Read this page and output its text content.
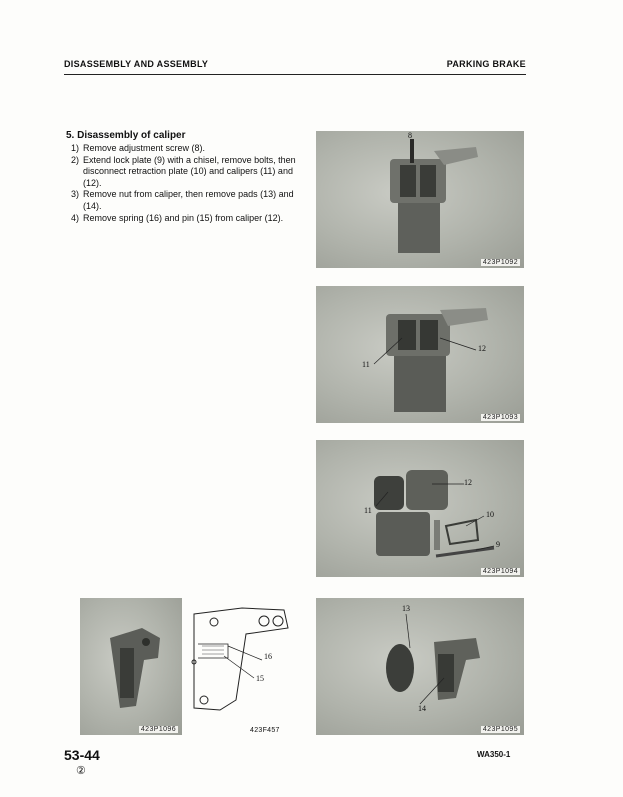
DISASSEMBLY AND ASSEMBLY	PARKING BRAKE
5. Disassembly of caliper
1) Remove adjustment screw (8).
2) Extend lock plate (9) with a chisel, remove bolts, then disconnect retraction plate (10) and calipers (11) and (12).
3) Remove nut from caliper, then remove pads (13) and (14).
4) Remove spring (16) and pin (15) from caliper (12).
8
423P1092
11
12
423P1093
12
11	10
9
423P1094
13
14
423P1095
423P1096
16
15
423F457
53-44
②
WA350-1
